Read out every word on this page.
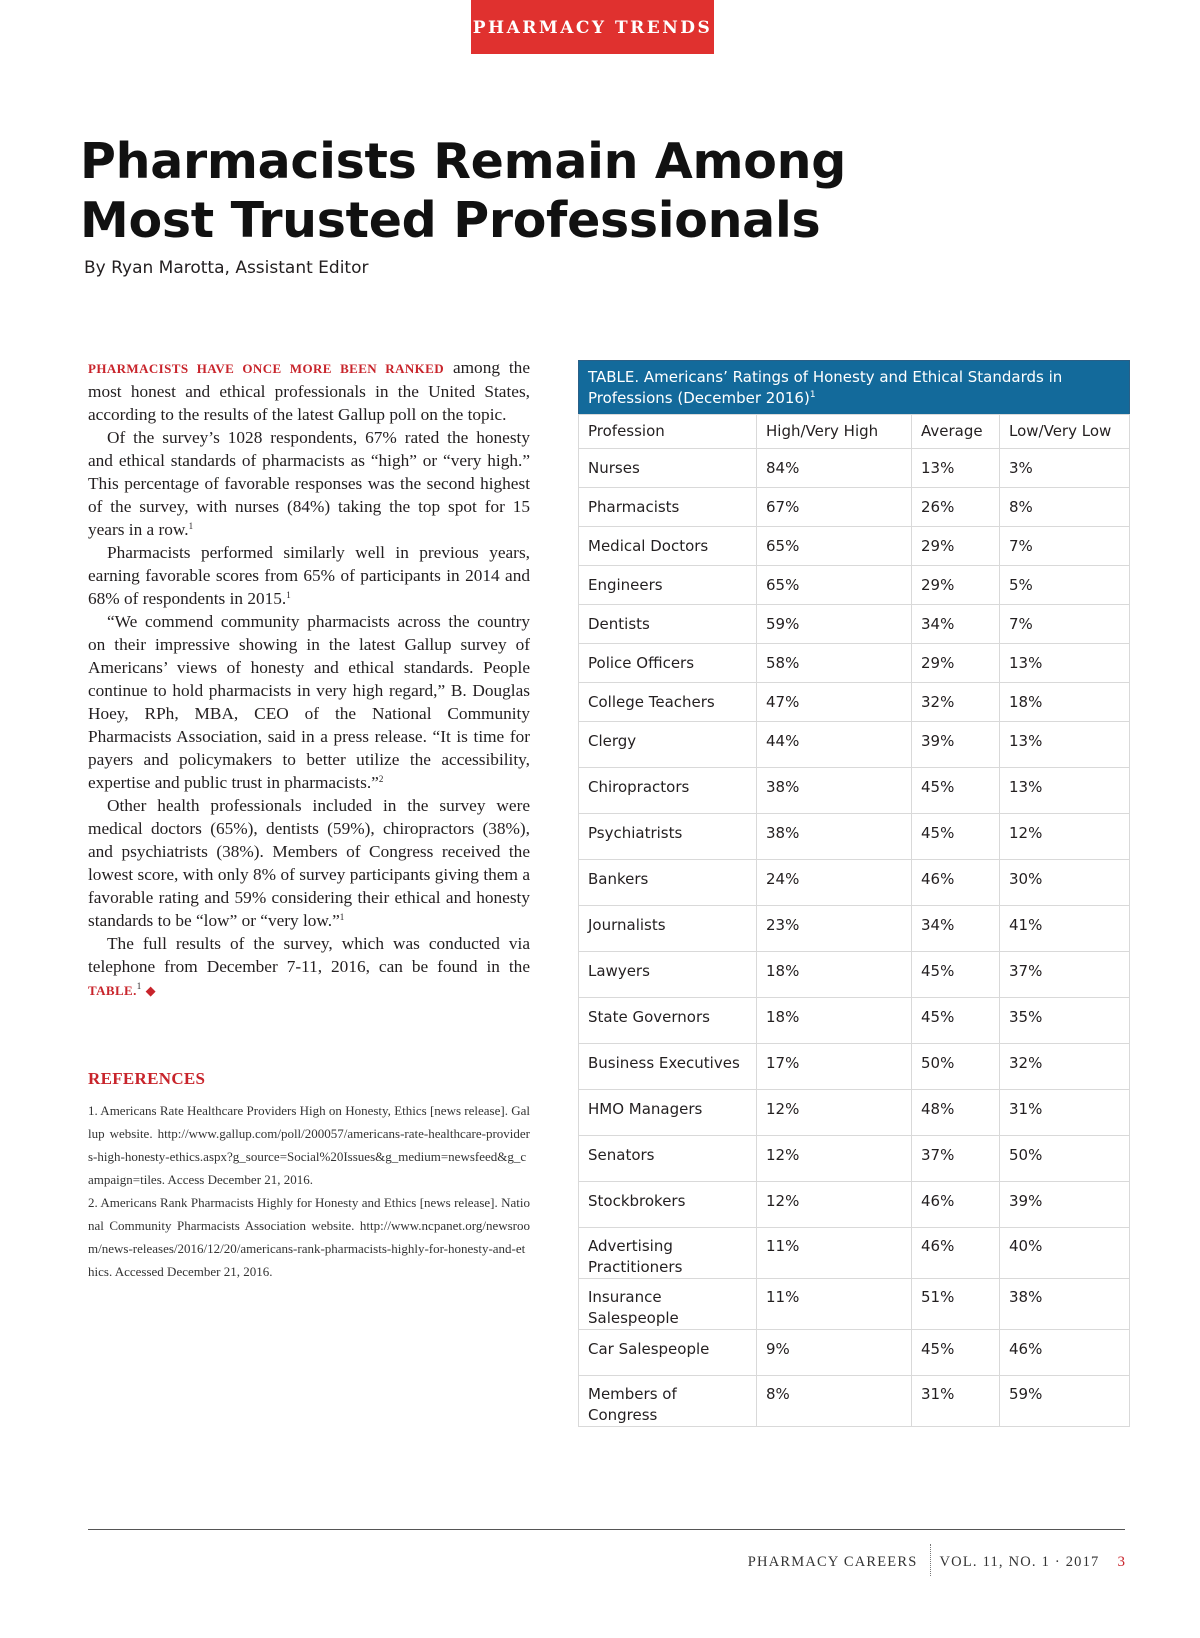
PHARMACY TRENDS
Pharmacists Remain Among Most Trusted Professionals
By Ryan Marotta, Assistant Editor

PHARMACISTS HAVE ONCE MORE BEEN RANKED among the most honest and ethical professionals in the United States, according to the results of the latest Gallup poll on the topic.

Of the survey’s 1028 respondents, 67% rated the honesty and ethical standards of pharmacists as “high” or “very high.” This percentage of favorable responses was the second highest of the survey, with nurses (84%) taking the top spot for 15 years in a row.$^1$

Pharmacists performed similarly well in previous years, earning favorable scores from 65% of participants in 2014 and 68% of respondents in 2015.$^1$

“We commend community pharmacists across the country on their impressive showing in the latest Gallup survey of Americans’ views of honesty and ethical standards. People continue to hold pharmacists in very high regard,” B. Douglas Hoey, RPh, MBA, CEO of the National Community Pharmacists Association, said in a press release. “It is time for payers and policymakers to better utilize the accessibility, expertise and public trust in pharmacists.”$^2$

Other health professionals included in the survey were medical doctors (65%), dentists (59%), chiropractors (38%), and psychiatrists (38%). Members of Congress received the lowest score, with only 8% of survey participants giving them a favorable rating and 59% considering their ethical and honesty standards to be “low” or “very low.”$^1$

The full results of the survey, which was conducted via telephone from December 7-11, 2016, can be found in the TABLE.$^1$ ◆

REFERENCES

1. Americans Rate Healthcare Providers High on Honesty, Ethics [news release]. Gallup website. http://www.gallup.com/poll/200057/americans-rate-healthcare-providers-high-honesty-ethics.aspx?g_source=Social%20Issues&g_medium=newsfeed&g_campaign=tiles. Access December 21, 2016.

2. Americans Rank Pharmacists Highly for Honesty and Ethics [news release]. National Community Pharmacists Association website. http://www.ncpanet.org/newsroom/news-releases/2016/12/20/americans-rank-pharmacists-highly-for-honesty-and-ethics. Accessed December 21, 2016.

TABLE. Americans’ Ratings of Honesty and Ethical Standards in Professions (December 2016)$^1$
Profession	High/Very High	Average	Low/Very Low
Nurses	84%	13%	3%
Pharmacists	67%	26%	8%
Medical Doctors	65%	29%	7%
Engineers	65%	29%	5%
Dentists	59%	34%	7%
Police Officers	58%	29%	13%
College Teachers	47%	32%	18%
Clergy	44%	39%	13%
Chiropractors	38%	45%	13%
Psychiatrists	38%	45%	12%
Bankers	24%	46%	30%
Journalists	23%	34%	41%
Lawyers	18%	45%	37%
State Governors	18%	45%	35%
Business Executives	17%	50%	32%
HMO Managers	12%	48%	31%
Senators	12%	37%	50%
Stockbrokers	12%	46%	39%
Advertising Practitioners	11%	46%	40%
Insurance Salespeople	11%	51%	38%
Car Salespeople	9%	45%	46%
Members of Congress	8%	31%	59%
PHARMACY CAREERS VOL. 11, NO. 1 · 2017 3
